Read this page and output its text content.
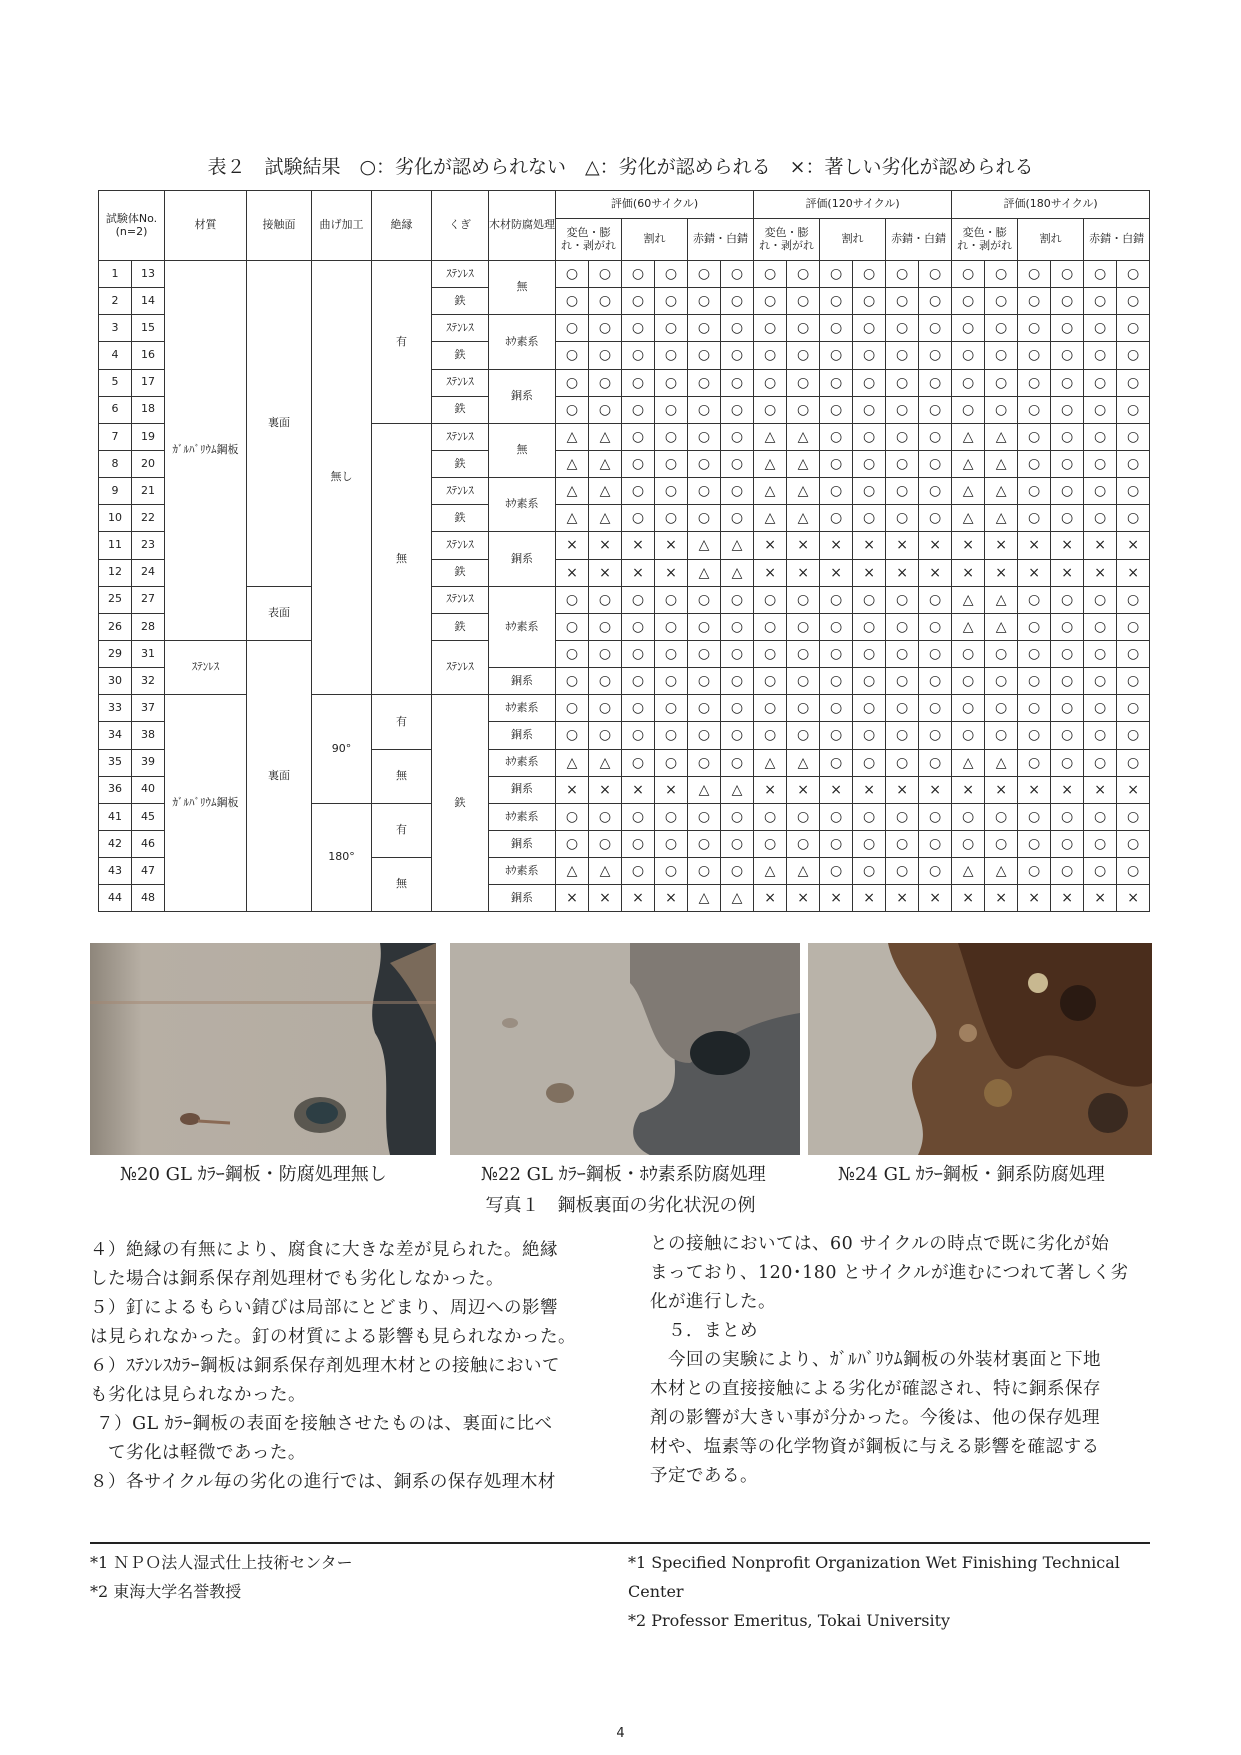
表２　試験結果　○：劣化が認められない　△：劣化が認められる　×：著しい劣化が認められる
試験体No.
(n=2)		材質	接触面	曲げ加工	絶縁	くぎ	木材防腐処理	評価(60サイクル)						評価(120サイクル)						評価(180サイクル)					
								変色・膨れ・剥がれ		割れ		赤錆・白錆		変色・膨れ・剥がれ		割れ		赤錆・白錆		変色・膨れ・剥がれ		割れ		赤錆・白錆	
1	13	ｶﾞﾙﾊﾞﾘｳﾑ鋼板	裏面	無し	有	ｽﾃﾝﾚｽ	無	○	○	○	○	○	○	○	○	○	○	○	○	○	○	○	○	○	○
2	14					鉄		○	○	○	○	○	○	○	○	○	○	○	○	○	○	○	○	○	○
3	15					ｽﾃﾝﾚｽ	ﾎｳ素系	○	○	○	○	○	○	○	○	○	○	○	○	○	○	○	○	○	○
4	16					鉄		○	○	○	○	○	○	○	○	○	○	○	○	○	○	○	○	○	○
5	17					ｽﾃﾝﾚｽ	銅系	○	○	○	○	○	○	○	○	○	○	○	○	○	○	○	○	○	○
6	18					鉄		○	○	○	○	○	○	○	○	○	○	○	○	○	○	○	○	○	○
7	19				無	ｽﾃﾝﾚｽ	無	△	△	○	○	○	○	△	△	○	○	○	○	△	△	○	○	○	○
8	20					鉄		△	△	○	○	○	○	△	△	○	○	○	○	△	△	○	○	○	○
9	21					ｽﾃﾝﾚｽ	ﾎｳ素系	△	△	○	○	○	○	△	△	○	○	○	○	△	△	○	○	○	○
10	22					鉄		△	△	○	○	○	○	△	△	○	○	○	○	△	△	○	○	○	○
11	23					ｽﾃﾝﾚｽ	銅系	×	×	×	×	△	△	×	×	×	×	×	×	×	×	×	×	×	×
12	24					鉄		×	×	×	×	△	△	×	×	×	×	×	×	×	×	×	×	×	×
25	27		表面			ｽﾃﾝﾚｽ	ﾎｳ素系	○	○	○	○	○	○	○	○	○	○	○	○	△	△	○	○	○	○
26	28					鉄		○	○	○	○	○	○	○	○	○	○	○	○	△	△	○	○	○	○
29	31	ｽﾃﾝﾚｽ	裏面			ｽﾃﾝﾚｽ		○	○	○	○	○	○	○	○	○	○	○	○	○	○	○	○	○	○
30	32						銅系	○	○	○	○	○	○	○	○	○	○	○	○	○	○	○	○	○	○
33	37	ｶﾞﾙﾊﾞﾘｳﾑ鋼板		90°	有	鉄	ﾎｳ素系	○	○	○	○	○	○	○	○	○	○	○	○	○	○	○	○	○	○
34	38						銅系	○	○	○	○	○	○	○	○	○	○	○	○	○	○	○	○	○	○
35	39				無		ﾎｳ素系	△	△	○	○	○	○	△	△	○	○	○	○	△	△	○	○	○	○
36	40						銅系	×	×	×	×	△	△	×	×	×	×	×	×	×	×	×	×	×	×
41	45			180°	有		ﾎｳ素系	○	○	○	○	○	○	○	○	○	○	○	○	○	○	○	○	○	○
42	46						銅系	○	○	○	○	○	○	○	○	○	○	○	○	○	○	○	○	○	○
43	47				無		ﾎｳ素系	△	△	○	○	○	○	△	△	○	○	○	○	△	△	○	○	○	○
44	48						銅系	×	×	×	×	△	△	×	×	×	×	×	×	×	×	×	×	×	×
№20 GL ｶﾗｰ鋼板・防腐処理無し	№22 GL ｶﾗｰ鋼板・ﾎｳ素系防腐処理	№24 GL ｶﾗｰ鋼板・銅系防腐処理
写真１　鋼板裏面の劣化状況の例

４）絶縁の有無により、腐食に大きな差が見られた。絶縁

した場合は銅系保存剤処理材でも劣化しなかった。

５）釘によるもらい錆びは局部にとどまり、周辺への影響

は見られなかった。釘の材質による影響も見られなかった。

６）ｽﾃﾝﾚｽｶﾗｰ鋼板は銅系保存剤処理木材との接触において

も劣化は見られなかった。

７）GL ｶﾗｰ鋼板の表面を接触させたものは、裏面に比べ

　て劣化は軽微であった。

８）各サイクル毎の劣化の進行では、銅系の保存処理木材

との接触においては、60 サイクルの時点で既に劣化が始

まっており、120･180 とサイクルが進むにつれて著しく劣

化が進行した。

５．まとめ

　今回の実験により、ｶﾞﾙﾊﾞﾘｳﾑ鋼板の外装材裏面と下地

木材との直接接触による劣化が確認され、特に銅系保存

剤の影響が大きい事が分かった。今後は、他の保存処理

材や、塩素等の化学物資が鋼板に与える影響を確認する

予定である。

*1 ＮＰＯ法人湿式仕上技術センター

*2 東海大学名誉教授

*1 Specified Nonprofit Organization Wet Finishing Technical

Center

*2 Professor Emeritus, Tokai University

4
